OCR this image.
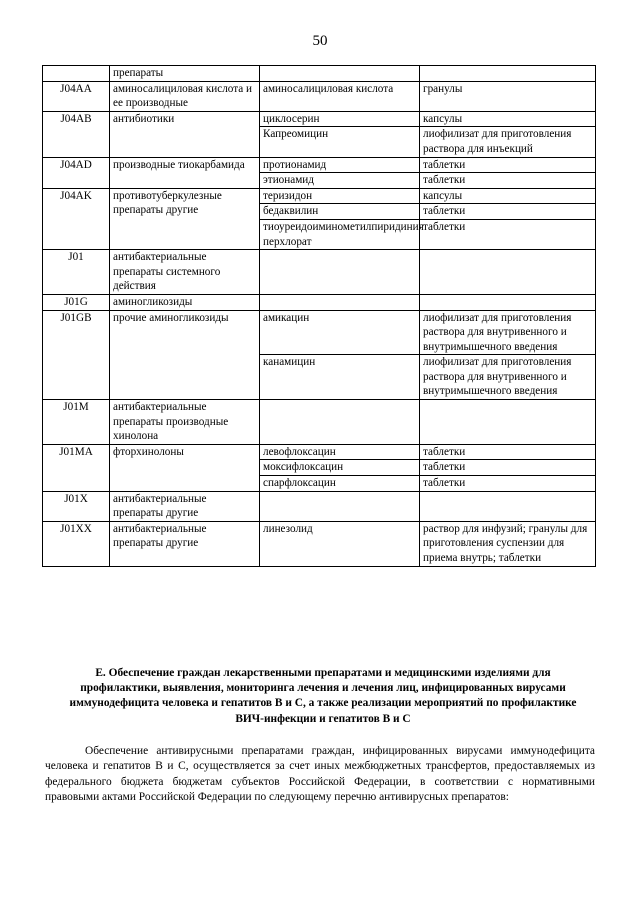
50
	препараты		
J04AA	аминосалициловая кислота и ее производные	аминосалициловая кислота	гранулы
J04AB	антибиотики	циклосерин	капсулы
		Капреомицин	лиофилизат для приготовления раствора для инъекций
J04AD	производные тиокарбамида	протионамид	таблетки
		этионамид	таблетки
J04AK	противотуберкулезные препараты другие	теризидон	капсулы
		бедаквилин	таблетки
		тиоуреидоиминометилпиридиния перхлорат	таблетки
J01	антибактериальные препараты системного действия		
J01G	аминогликозиды		
J01GB	прочие аминогликозиды	амикацин	лиофилизат для приготовления раствора для внутривенного и внутримышечного введения
		канамицин	лиофилизат для приготовления раствора для внутривенного и внутримышечного введения
J01M	антибактериальные препараты производные хинолона		
J01MA	фторхинолоны	левофлоксацин	таблетки
		моксифлоксацин	таблетки
		спарфлоксацин	таблетки
J01X	антибактериальные препараты другие		
J01XX	антибактериальные препараты другие	линезолид	раствор для инфузий; гранулы для приготовления суспензии для приема внутрь; таблетки
E. Обеспечение граждан лекарственными препаратами и медицинскими изделиями для профилактики, выявления, мониторинга лечения и лечения лиц, инфицированных вирусами иммунодефицита человека и гепатитов B и C, а также реализации мероприятий по профилактике ВИЧ-инфекции и гепатитов B и C
Обеспечение антивирусными препаратами граждан, инфицированных вирусами иммунодефицита человека и гепатитов B и C, осуществляется за счет иных межбюджетных трансфертов, предоставляемых из федерального бюджета бюджетам субъектов Российской Федерации, в соответствии с нормативными правовыми актами Российской Федерации по следующему перечню антивирусных препаратов:
